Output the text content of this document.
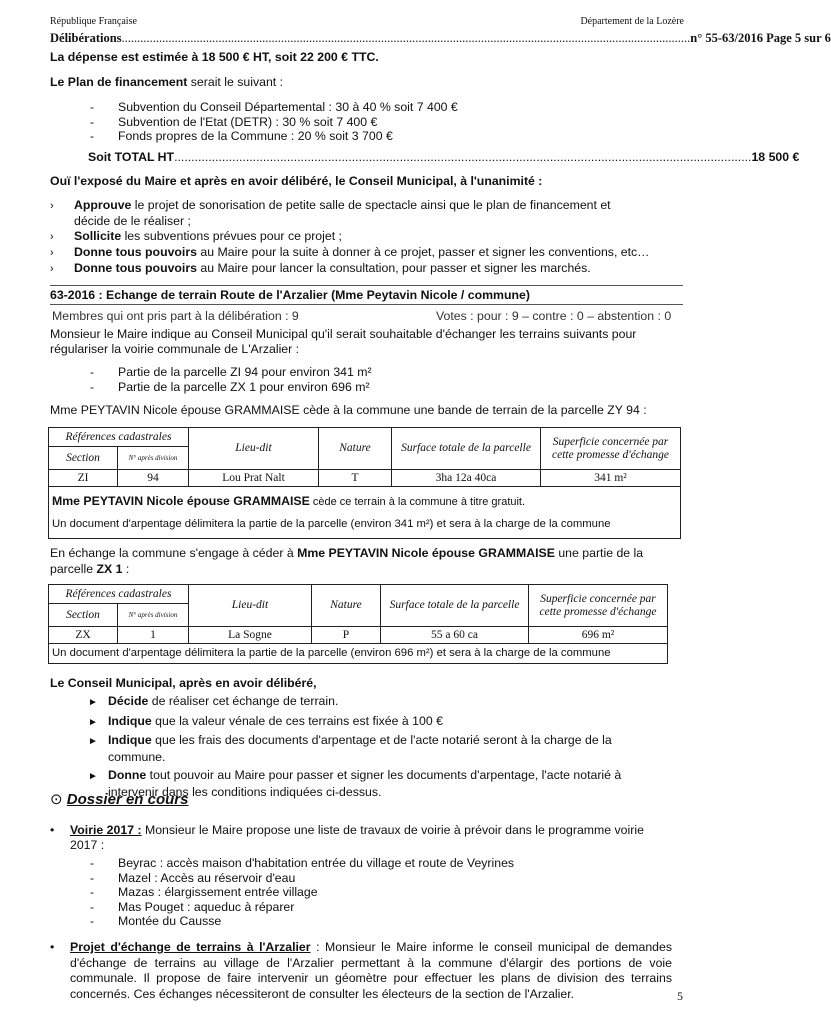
République Française	Département de la Lozère
Délibérations ...................................................................................................................................................................................... n° 55-63/2016 Page 5 sur 6
La dépense est estimée à 18 500 € HT, soit 22 200 € TTC.
Le Plan de financement serait le suivant :
- Subvention du Conseil Départemental : 30 à 40 % soit 7 400 €
- Subvention de l'Etat (DETR) : 30 % soit 7 400 €
- Fonds propres de la Commune : 20 % soit 3 700 €
Soit TOTAL HT ......................................................................................................................................................................... 18 500 €
Ouï l'exposé du Maire et après en avoir délibéré, le Conseil Municipal, à l'unanimité :
› Approuve le projet de sonorisation de petite salle de spectacle ainsi que le plan de financement et
décide de le réaliser ;
› Sollicite les subventions prévues pour ce projet ;
› Donne tous pouvoirs au Maire pour la suite à donner à ce projet, passer et signer les conventions, etc…
› Donne tous pouvoirs au Maire pour lancer la consultation, pour passer et signer les marchés.
63-2016 : Echange de terrain Route de l'Arzalier (Mme Peytavin Nicole / commune)
Membres qui ont pris part à la délibération : 9	Votes : pour : 9 – contre : 0 – abstention : 0
Monsieur le Maire indique au Conseil Municipal qu'il serait souhaitable d'échanger les terrains suivants pour
régulariser la voirie communale de L'Arzalier :
- Partie de la parcelle ZI 94 pour environ 341 m²
- Partie de la parcelle ZX 1 pour environ 696 m²
Mme PEYTAVIN Nicole épouse GRAMMAISE cède à la commune une bande de terrain de la parcelle ZY 94 :
Références cadastrales		Lieu-dit	Nature	Surface totale de la parcelle	Superficie concernée par cette promesse d'échange
Section	N° après division				
ZI	94	Lou Prat Nalt	T	3ha 12a 40ca	341 m²

Mme PEYTAVIN Nicole épouse GRAMMAISE cède ce terrain à la commune à titre gratuit.
Un document d'arpentage délimitera la partie de la parcelle (environ 341 m²) et sera à la charge de la commune					
En échange la commune s'engage à céder à Mme PEYTAVIN Nicole épouse GRAMMAISE une partie de la
parcelle ZX 1 :
Références cadastrales		Lieu-dit	Nature	Surface totale de la parcelle	Superficie concernée par cette promesse d'échange
Section	N° après division				
ZX	1	La Sogne	P	55 a 60 ca	696 m²
Un document d'arpentage délimitera la partie de la parcelle (environ 696 m²) et sera à la charge de la commune					
Le Conseil Municipal, après en avoir délibéré,
► Décide de réaliser cet échange de terrain.
► Indique que la valeur vénale de ces terrains est fixée à 100 €
► Indique que les frais des documents d'arpentage et de l'acte notarié seront à la charge de la
commune.
► Donne tout pouvoir au Maire pour passer et signer les documents d'arpentage, l'acte notarié à
intervenir dans les conditions indiquées ci-dessus.
⊙ Dossier en cours
• Voirie 2017 : Monsieur le Maire propose une liste de travaux de voirie à prévoir dans le programme voirie
2017 :
- Beyrac : accès maison d'habitation entrée du village et route de Veyrines
- Mazel : Accès au réservoir d'eau
- Mazas : élargissement entrée village
- Mas Pouget : aqueduc à réparer
- Montée du Causse
•	Projet d'échange de terrains à l'Arzalier : Monsieur le Maire informe le conseil municipal de demandes d'échange de terrains au village de l'Arzalier permettant à la commune d'élargir des portions de voie communale. Il propose de faire intervenir un géomètre pour effectuer les plans de division des terrains concernés. Ces échanges nécessiteront de consulter les électeurs de la section de l'Arzalier.	5
